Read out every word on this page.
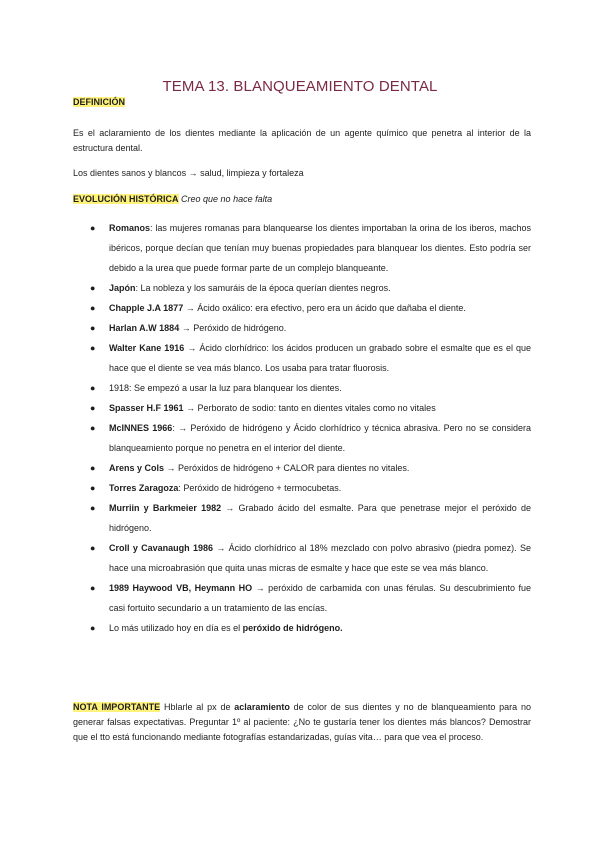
TEMA 13. BLANQUEAMIENTO DENTAL
DEFINICIÓN
Es el aclaramiento de los dientes mediante la aplicación de un agente químico que penetra al interior de la estructura dental.
Los dientes sanos y blancos → salud, limpieza y fortaleza
EVOLUCIÓN HISTÓRICA Creo que no hace falta
● Romanos: las mujeres romanas para blanquearse los dientes importaban la orina de los iberos, machos ibéricos, porque decían que tenían muy buenas propiedades para blanquear los dientes. Esto podría ser debido a la urea que puede formar parte de un complejo blanqueante.
● Japón: La nobleza y los samuráis de la época querían dientes negros.
● Chapple J.A 1877 → Ácido oxálico: era efectivo, pero era un ácido que dañaba el diente.
● Harlan A.W 1884 → Peróxido de hidrógeno.
● Walter Kane 1916 → Ácido clorhídrico: los ácidos producen un grabado sobre el esmalte que es el que hace que el diente se vea más blanco. Los usaba para tratar fluorosis.
● 1918: Se empezó a usar la luz para blanquear los dientes.
● Spasser H.F 1961 → Perborato de sodio: tanto en dientes vitales como no vitales
● McINNES 1966: → Peróxido de hidrógeno y Ácido clorhídrico y técnica abrasiva. Pero no se considera blanqueamiento porque no penetra en el interior del diente.
● Arens y Cols → Peróxidos de hidrógeno + CALOR para dientes no vitales.
● Torres Zaragoza: Peróxido de hidrógeno + termocubetas.
● Murriin y Barkmeier 1982 → Grabado ácido del esmalte. Para que penetrase mejor el peróxido de hidrógeno.
● Croll y Cavanaugh 1986 → Ácido clorhídrico al 18% mezclado con polvo abrasivo (piedra pomez). Se hace una microabrasión que quita unas micras de esmalte y hace que este se vea más blanco.
● 1989 Haywood VB, Heymann HO → peróxido de carbamida con unas férulas. Su descubrimiento fue casi fortuito secundario a un tratamiento de las encías.
● Lo más utilizado hoy en día es el peróxido de hidrógeno.
NOTA IMPORTANTE Hblarle al px de aclaramiento de color de sus dientes y no de blanqueamiento para no generar falsas expectativas. Preguntar 1º al paciente: ¿No te gustaría tener los dientes más blancos? Demostrar que el tto está funcionando mediante fotografías estandarizadas, guías vita… para que vea el proceso.
